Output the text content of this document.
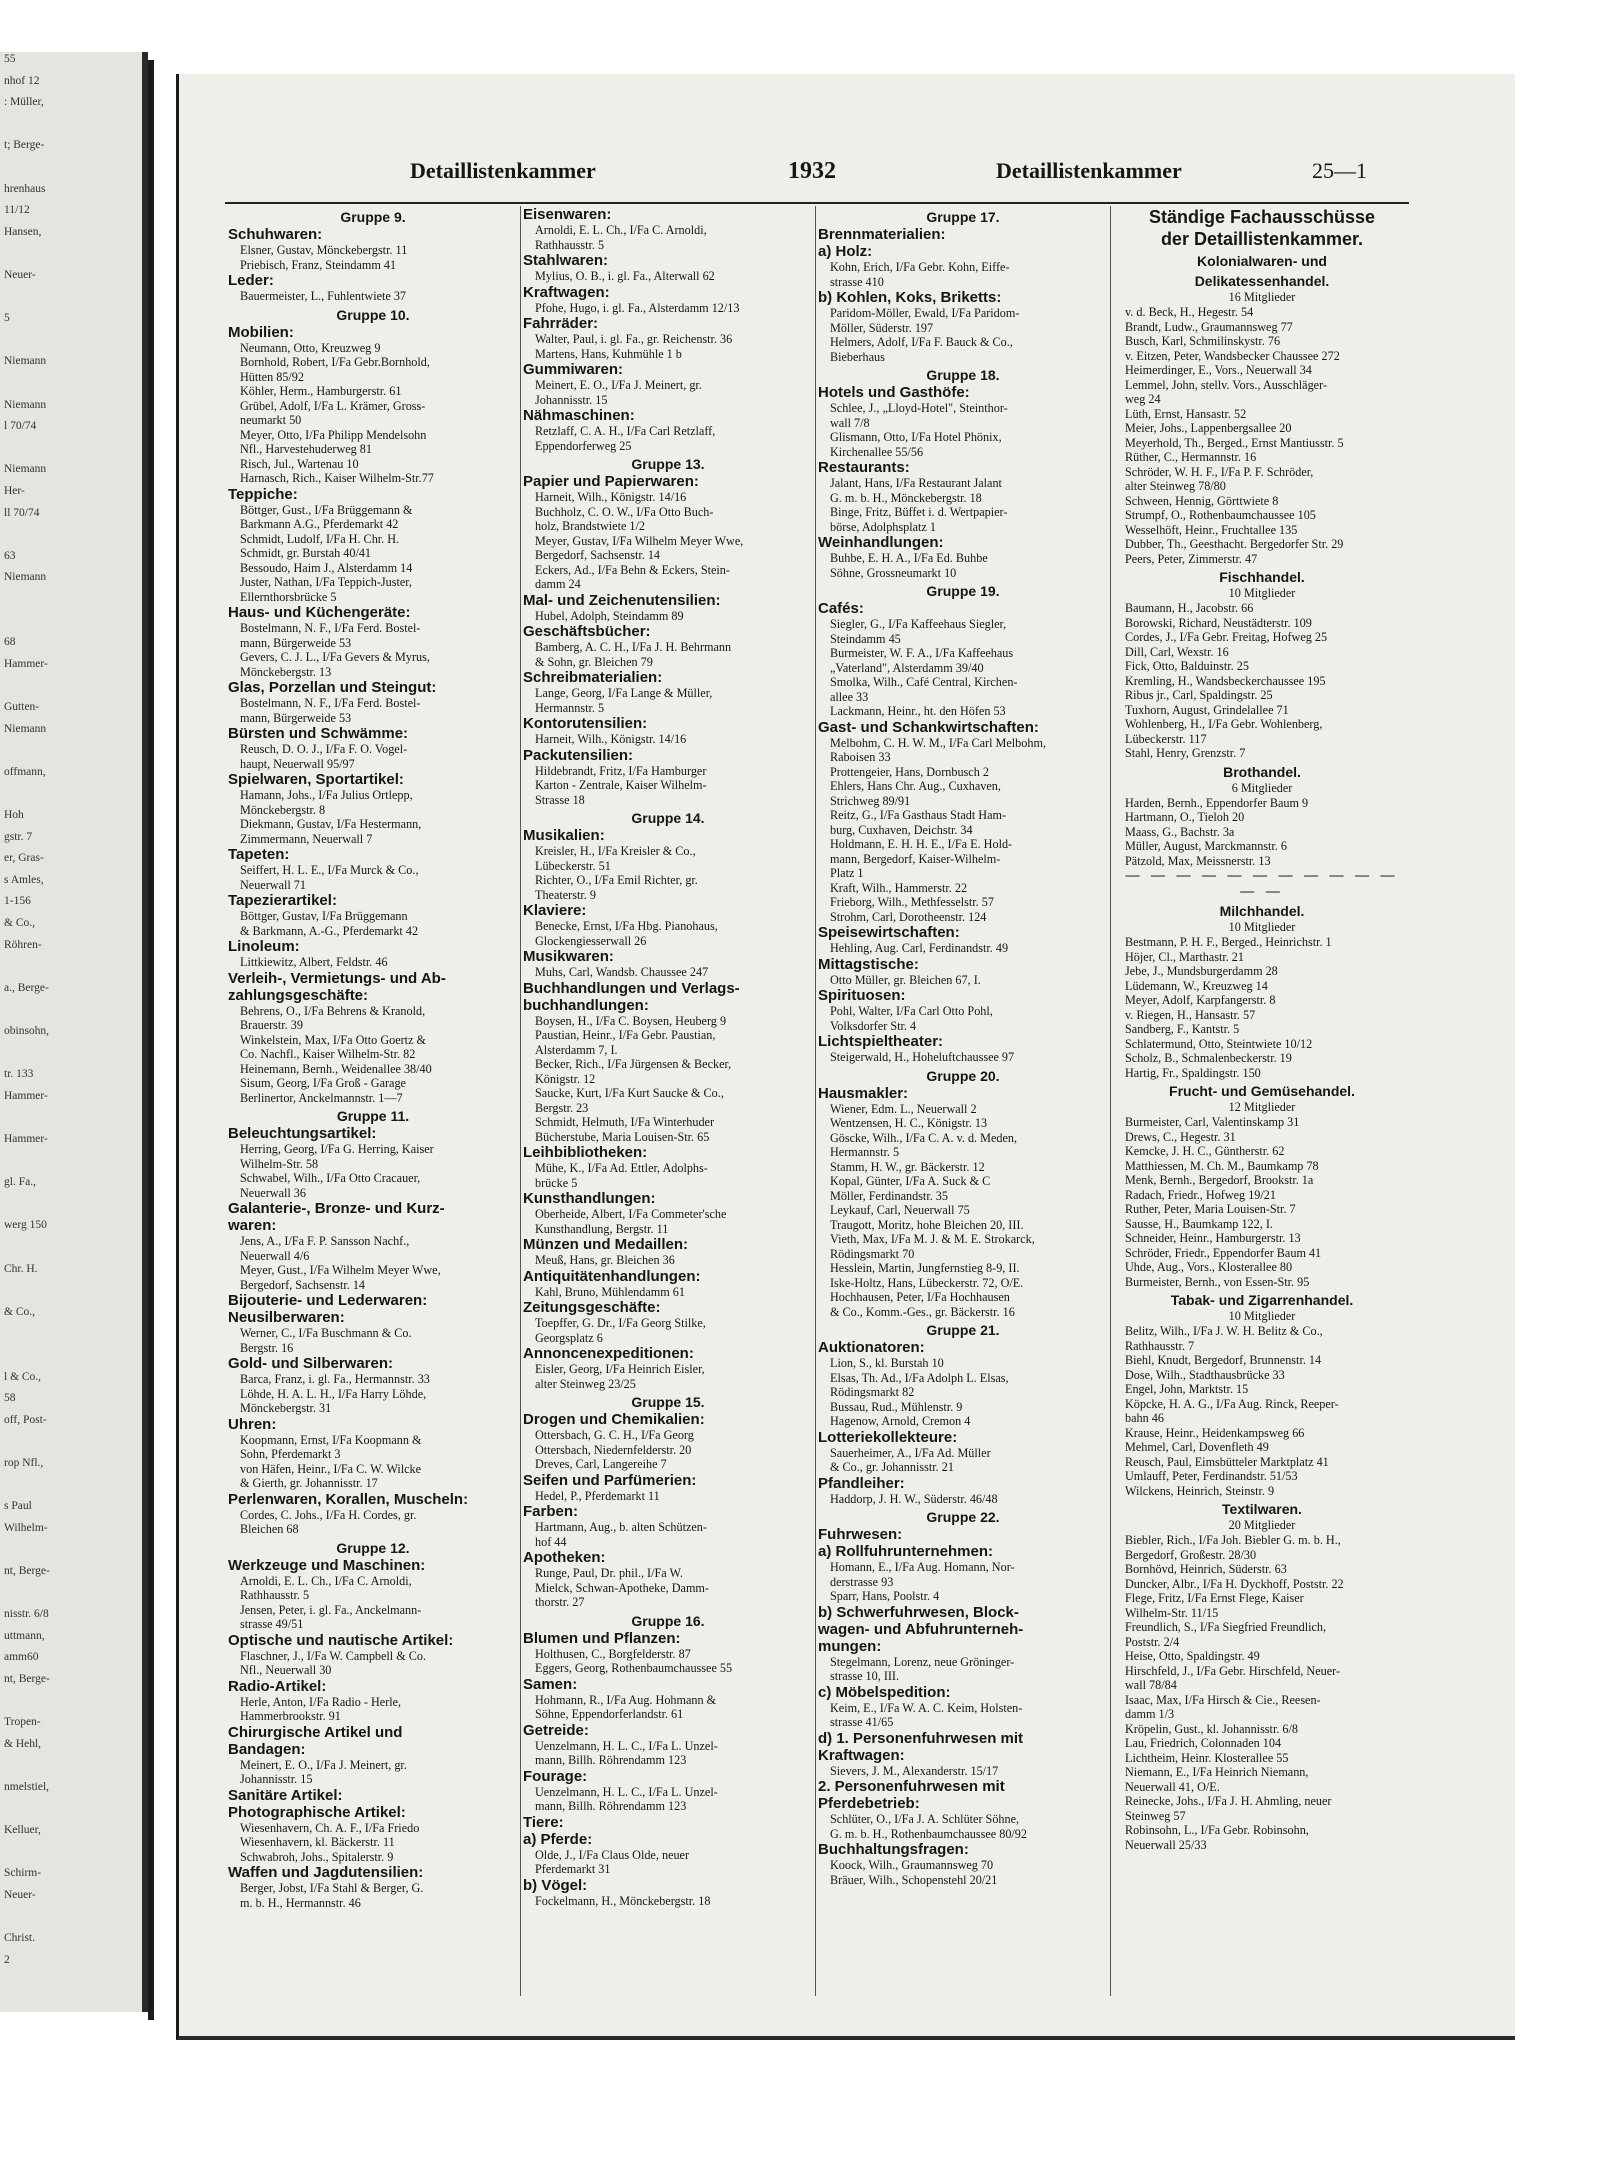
55
nhof 12
: Müller,
t; Berge-
hrenhaus
11/12
Hansen,
Neuer-
5
Niemann
Niemann
l 70/74
Niemann
Her-
ll 70/74
63
Niemann
68
Hammer-
Gutten-
Niemann
offmann,
Hoh
gstr. 7
er, Gras-
s Amles,
1-156
& Co.,
Röhren-
a., Berge-
obinsohn,
tr. 133
Hammer-
Hammer-
gl. Fa.,
werg 150
Chr. H.
& Co.,
l & Co.,
58
off, Post-
rop Nfl.,
s Paul
Wilhelm-
nt, Berge-
nisstr. 6/8
uttmann,
amm60
nt, Berge-
Tropen-
& Hehl,
nmelstiel,
Kelluer,
Schirm-
Neuer-
Christ.
2
Detaillistenkammer	1932	Detaillistenkammer	25—1
Gruppe 9.
Schuhwaren:
Elsner, Gustav, Mönckebergstr. 11
Priebisch, Franz, Steindamm 41
Leder:
Bauermeister, L., Fuhlentwiete 37
Gruppe 10.
Mobilien:
Neumann, Otto, Kreuzweg 9
Bornhold, Robert, I/Fa Gebr.Bornhold,
Hütten 85/92
Köhler, Herm., Hamburgerstr. 61
Grübel, Adolf, I/Fa L. Krämer, Gross-
neumarkt 50
Meyer, Otto, I/Fa Philipp Mendelsohn
Nfl., Harvestehuderweg 81
Risch, Jul., Wartenau 10
Harnasch, Rich., Kaiser Wilhelm-Str.77
Teppiche:
Böttger, Gust., I/Fa Brüggemann &
Barkmann A.G., Pferdemarkt 42
Schmidt, Ludolf, I/Fa H. Chr. H.
Schmidt, gr. Burstah 40/41
Bessoudo, Haim J., Alsterdamm 14
Juster, Nathan, I/Fa Teppich-Juster,
Ellernthorsbrücke 5
Haus- und Küchengeräte:
Bostelmann, N. F., I/Fa Ferd. Bostel-
mann, Bürgerweide 53
Gevers, C. J. L., I/Fa Gevers & Myrus,
Mönckebergstr. 13
Glas, Porzellan und Steingut:
Bostelmann, N. F., I/Fa Ferd. Bostel-
mann, Bürgerweide 53
Bürsten und Schwämme:
Reusch, D. O. J., I/Fa F. O. Vogel-
haupt, Neuerwall 95/97
Spielwaren, Sportartikel:
Hamann, Johs., I/Fa Julius Ortlepp,
Mönckebergstr. 8
Diekmann, Gustav, I/Fa Hestermann,
Zimmermann, Neuerwall 7
Tapeten:
Seiffert, H. L. E., I/Fa Murck & Co.,
Neuerwall 71
Tapezierartikel:
Böttger, Gustav, I/Fa Brüggemann
& Barkmann, A.-G., Pferdemarkt 42
Linoleum:
Littkiewitz, Albert, Feldstr. 46
Verleih-, Vermietungs- und Ab-
zahlungsgeschäfte:
Behrens, O., I/Fa Behrens & Kranold,
Brauerstr. 39
Winkelstein, Max, I/Fa Otto Goertz &
Co. Nachfl., Kaiser Wilhelm-Str. 82
Heinemann, Bernh., Weidenallee 38/40
Sisum, Georg, I/Fa Groß - Garage
Berlinertor, Anckelmannstr. 1—7
Gruppe 11.
Beleuchtungsartikel:
Herring, Georg, I/Fa G. Herring, Kaiser
Wilhelm-Str. 58
Schwabel, Wilh., I/Fa Otto Cracauer,
Neuerwall 36
Galanterie-, Bronze- und Kurz-
waren:
Jens, A., I/Fa F. P. Sansson Nachf.,
Neuerwall 4/6
Meyer, Gust., I/Fa Wilhelm Meyer Wwe,
Bergedorf, Sachsenstr. 14
Bijouterie- und Lederwaren:
Neusilberwaren:
Werner, C., I/Fa Buschmann & Co.
Bergstr. 16
Gold- und Silberwaren:
Barca, Franz, i. gl. Fa., Hermannstr. 33
Löhde, H. A. L. H., I/Fa Harry Löhde,
Mönckebergstr. 31
Uhren:
Koopmann, Ernst, I/Fa Koopmann &
Sohn, Pferdemarkt 3
von Häfen, Heinr., I/Fa C. W. Wilcke
& Gierth, gr. Johannisstr. 17
Perlenwaren, Korallen, Muscheln:
Cordes, C. Johs., I/Fa H. Cordes, gr.
Bleichen 68
Gruppe 12.
Werkzeuge und Maschinen:
Arnoldi, E. L. Ch., I/Fa C. Arnoldi,
Rathhausstr. 5
Jensen, Peter, i. gl. Fa., Anckelmann-
strasse 49/51
Optische und nautische Artikel:
Flaschner, J., I/Fa W. Campbell & Co.
Nfl., Neuerwall 30
Radio-Artikel:
Herle, Anton, I/Fa Radio - Herle,
Hammerbrookstr. 91
Chirurgische Artikel und
Bandagen:
Meinert, E. O., I/Fa J. Meinert, gr.
Johannisstr. 15
Sanitäre Artikel:
Photographische Artikel:
Wiesenhavern, Ch. A. F., I/Fa Friedo
Wiesenhavern, kl. Bäckerstr. 11
Schwabroh, Johs., Spitalerstr. 9
Waffen und Jagdutensilien:
Berger, Jobst, I/Fa Stahl & Berger, G.
m. b. H., Hermannstr. 46
Eisenwaren:
Arnoldi, E. L. Ch., I/Fa C. Arnoldi,
Rathhausstr. 5
Stahlwaren:
Mylius, O. B., i. gl. Fa., Alterwall 62
Kraftwagen:
Pfohe, Hugo, i. gl. Fa., Alsterdamm 12/13
Fahrräder:
Walter, Paul, i. gl. Fa., gr. Reichenstr. 36
Martens, Hans, Kuhmühle 1 b
Gummiwaren:
Meinert, E. O., I/Fa J. Meinert, gr.
Johannisstr. 15
Nähmaschinen:
Retzlaff, C. A. H., I/Fa Carl Retzlaff,
Eppendorferweg 25
Gruppe 13.
Papier und Papierwaren:
Harneit, Wilh., Königstr. 14/16
Buchholz, C. O. W., I/Fa Otto Buch-
holz, Brandstwiete 1/2
Meyer, Gustav, I/Fa Wilhelm Meyer Wwe,
Bergedorf, Sachsenstr. 14
Eckers, Ad., I/Fa Behn & Eckers, Stein-
damm 24
Mal- und Zeichenutensilien:
Hubel, Adolph, Steindamm 89
Geschäftsbücher:
Bamberg, A. C. H., I/Fa J. H. Behrmann
& Sohn, gr. Bleichen 79
Schreibmaterialien:
Lange, Georg, I/Fa Lange & Müller,
Hermannstr. 5
Kontorutensilien:
Harneit, Wilh., Königstr. 14/16
Packutensilien:
Hildebrandt, Fritz, I/Fa Hamburger
Karton - Zentrale, Kaiser Wilhelm-
Strasse 18
Gruppe 14.
Musikalien:
Kreisler, H., I/Fa Kreisler & Co.,
Lübeckerstr. 51
Richter, O., I/Fa Emil Richter, gr.
Theaterstr. 9
Klaviere:
Benecke, Ernst, I/Fa Hbg. Pianohaus,
Glockengiesserwall 26
Musikwaren:
Muhs, Carl, Wandsb. Chaussee 247
Buchhandlungen und Verlags-
buchhandlungen:
Boysen, H., I/Fa C. Boysen, Heuberg 9
Paustian, Heinr., I/Fa Gebr. Paustian,
Alsterdamm 7, I.
Becker, Rich., I/Fa Jürgensen & Becker,
Königstr. 12
Saucke, Kurt, I/Fa Kurt Saucke & Co.,
Bergstr. 23
Schmidt, Helmuth, I/Fa Winterhuder
Bücherstube, Maria Louisen-Str. 65
Leihbibliotheken:
Mühe, K., I/Fa Ad. Ettler, Adolphs-
brücke 5
Kunsthandlungen:
Oberheide, Albert, I/Fa Commeter'sche
Kunsthandlung, Bergstr. 11
Münzen und Medaillen:
Meuß, Hans, gr. Bleichen 36
Antiquitätenhandlungen:
Kahl, Bruno, Mühlendamm 61
Zeitungsgeschäfte:
Toepffer, G. Dr., I/Fa Georg Stilke,
Georgsplatz 6
Annoncenexpeditionen:
Eisler, Georg, I/Fa Heinrich Eisler,
alter Steinweg 23/25
Gruppe 15.
Drogen und Chemikalien:
Ottersbach, G. C. H., I/Fa Georg
Ottersbach, Niedernfelderstr. 20
Dreves, Carl, Langereihe 7
Seifen und Parfümerien:
Hedel, P., Pferdemarkt 11
Farben:
Hartmann, Aug., b. alten Schützen-
hof 44
Apotheken:
Runge, Paul, Dr. phil., I/Fa W.
Mielck, Schwan-Apotheke, Damm-
thorstr. 27
Gruppe 16.
Blumen und Pflanzen:
Holthusen, C., Borgfelderstr. 87
Eggers, Georg, Rothenbaumchaussee 55
Samen:
Hohmann, R., I/Fa Aug. Hohmann &
Söhne, Eppendorferlandstr. 61
Getreide:
Uenzelmann, H. L. C., I/Fa L. Unzel-
mann, Billh. Röhrendamm 123
Fourage:
Uenzelmann, H. L. C., I/Fa L. Unzel-
mann, Billh. Röhrendamm 123
Tiere:
a) Pferde:
Olde, J., I/Fa Claus Olde, neuer
Pferdemarkt 31
b) Vögel:
Fockelmann, H., Mönckebergstr. 18
Gruppe 17.
Brennmaterialien:
a) Holz:
Kohn, Erich, I/Fa Gebr. Kohn, Eiffe-
strasse 410
b) Kohlen, Koks, Briketts:
Paridom-Möller, Ewald, I/Fa Paridom-
Möller, Süderstr. 197
Helmers, Adolf, I/Fa F. Bauck & Co.,
Bieberhaus
Gruppe 18.
Hotels und Gasthöfe:
Schlee, J., „Lloyd-Hotel", Steinthor-
wall 7/8
Glismann, Otto, I/Fa Hotel Phönix,
Kirchenallee 55/56
Restaurants:
Jalant, Hans, I/Fa Restaurant Jalant
G. m. b. H., Mönckebergstr. 18
Binge, Fritz, Büffet i. d. Wertpapier-
börse, Adolphsplatz 1
Weinhandlungen:
Buhbe, E. H. A., I/Fa Ed. Buhbe
Söhne, Grossneumarkt 10
Gruppe 19.
Cafés:
Siegler, G., I/Fa Kaffeehaus Siegler,
Steindamm 45
Burmeister, W. F. A., I/Fa Kaffeehaus
„Vaterland", Alsterdamm 39/40
Smolka, Wilh., Café Central, Kirchen-
allee 33
Lackmann, Heinr., ht. den Höfen 53
Gast- und Schankwirtschaften:
Melbohm, C. H. W. M., I/Fa Carl Melbohm,
Raboisen 33
Prottengeier, Hans, Dornbusch 2
Ehlers, Hans Chr. Aug., Cuxhaven,
Strichweg 89/91
Reitz, G., I/Fa Gasthaus Stadt Ham-
burg, Cuxhaven, Deichstr. 34
Holdmann, E. H. H. E., I/Fa E. Hold-
mann, Bergedorf, Kaiser-Wilhelm-
Platz 1
Kraft, Wilh., Hammerstr. 22
Frieborg, Wilh., Methfesselstr. 57
Strohm, Carl, Dorotheenstr. 124
Speisewirtschaften:
Hehling, Aug. Carl, Ferdinandstr. 49
Mittagstische:
Otto Müller, gr. Bleichen 67, I.
Spirituosen:
Pohl, Walter, I/Fa Carl Otto Pohl,
Volksdorfer Str. 4
Lichtspieltheater:
Steigerwald, H., Hoheluftchaussee 97
Gruppe 20.
Hausmakler:
Wiener, Edm. L., Neuerwall 2
Wentzensen, H. C., Königstr. 13
Göscke, Wilh., I/Fa C. A. v. d. Meden,
Hermannstr. 5
Stamm, H. W., gr. Bäckerstr. 12
Kopal, Günter, I/Fa A. Suck & C
Möller, Ferdinandstr. 35
Leykauf, Carl, Neuerwall 75
Traugott, Moritz, hohe Bleichen 20, III.
Vieth, Max, I/Fa M. J. & M. E. Strokarck,
Rödingsmarkt 70
Hesslein, Martin, Jungfernstieg 8-9, II.
Iske-Holtz, Hans, Lübeckerstr. 72, O/E.
Hochhausen, Peter, I/Fa Hochhausen
& Co., Komm.-Ges., gr. Bäckerstr. 16
Gruppe 21.
Auktionatoren:
Lion, S., kl. Burstah 10
Elsas, Th. Ad., I/Fa Adolph L. Elsas,
Rödingsmarkt 82
Bussau, Rud., Mühlenstr. 9
Hagenow, Arnold, Cremon 4
Lotteriekollekteure:
Sauerheimer, A., I/Fa Ad. Müller
& Co., gr. Johannisstr. 21
Pfandleiher:
Haddorp, J. H. W., Süderstr. 46/48
Gruppe 22.
Fuhrwesen:
a) Rollfuhrunternehmen:
Homann, E., I/Fa Aug. Homann, Nor-
derstrasse 93
Sparr, Hans, Poolstr. 4
b) Schwerfuhrwesen, Block-
wagen- und Abfuhrunterneh-
mungen:
Stegelmann, Lorenz, neue Gröninger-
strasse 10, III.
c) Möbelspedition:
Keim, E., I/Fa W. A. C. Keim, Holsten-
strasse 41/65
d) 1. Personenfuhrwesen mit
Kraftwagen:
Sievers, J. M., Alexanderstr. 15/17
2. Personenfuhrwesen mit
Pferdebetrieb:
Schlüter, O., I/Fa J. A. Schlüter Söhne,
G. m. b. H., Rothenbaumchaussee 80/92
Buchhaltungsfragen:
Koock, Wilh., Graumannsweg 70
Bräuer, Wilh., Schopenstehl 20/21
Ständige Fachausschüsse
der Detaillistenkammer.
Kolonialwaren- und
Delikatessenhandel.
16 Mitglieder
v. d. Beck, H., Hegestr. 54
Brandt, Ludw., Graumannsweg 77
Busch, Karl, Schmilinskystr. 76
v. Eitzen, Peter, Wandsbecker Chaussee 272
Heimerdinger, E., Vors., Neuerwall 34
Lemmel, John, stellv. Vors., Ausschläger-
weg 24
Lüth, Ernst, Hansastr. 52
Meier, Johs., Lappenbergsallee 20
Meyerhold, Th., Berged., Ernst Mantiusstr. 5
Rüther, C., Hermannstr. 16
Schröder, W. H. F., I/Fa P. F. Schröder,
alter Steinweg 78/80
Schween, Hennig, Görttwiete 8
Strumpf, O., Rothenbaumchaussee 105
Wesselhöft, Heinr., Fruchtallee 135
Dubber, Th., Geesthacht. Bergedorfer Str. 29
Peers, Peter, Zimmerstr. 47
Fischhandel.
10 Mitglieder
Baumann, H., Jacobstr. 66
Borowski, Richard, Neustädterstr. 109
Cordes, J., I/Fa Gebr. Freitag, Hofweg 25
Dill, Carl, Wexstr. 16
Fick, Otto, Balduinstr. 25
Kremling, H., Wandsbeckerchaussee 195
Ribus jr., Carl, Spaldingstr. 25
Tuxhorn, August, Grindelallee 71
Wohlenberg, H., I/Fa Gebr. Wohlenberg,
Lübeckerstr. 117
Stahl, Henry, Grenzstr. 7
Brothandel.
6 Mitglieder
Harden, Bernh., Eppendorfer Baum 9
Hartmann, O., Tieloh 20
Maass, G., Bachstr. 3a
Müller, August, Marckmannstr. 6
Pätzold, Max, Meissnerstr. 13
— — — — — — — — — — — — —
Milchhandel.
10 Mitglieder
Bestmann, P. H. F., Berged., Heinrichstr. 1
Höjer, Cl., Marthastr. 21
Jebe, J., Mundsburgerdamm 28
Lüdemann, W., Kreuzweg 14
Meyer, Adolf, Karpfangerstr. 8
v. Riegen, H., Hansastr. 57
Sandberg, F., Kantstr. 5
Schlatermund, Otto, Steintwiete 10/12
Scholz, B., Schmalenbeckerstr. 19
Hartig, Fr., Spaldingstr. 150
Frucht- und Gemüsehandel.
12 Mitglieder
Burmeister, Carl, Valentinskamp 31
Drews, C., Hegestr. 31
Kemcke, J. H. C., Güntherstr. 62
Matthiessen, M. Ch. M., Baumkamp 78
Menk, Bernh., Bergedorf, Brookstr. 1a
Radach, Friedr., Hofweg 19/21
Ruther, Peter, Maria Louisen-Str. 7
Sausse, H., Baumkamp 122, I.
Schneider, Heinr., Hamburgerstr. 13
Schröder, Friedr., Eppendorfer Baum 41
Uhde, Aug., Vors., Klosterallee 80
Burmeister, Bernh., von Essen-Str. 95
Tabak- und Zigarrenhandel.
10 Mitglieder
Belitz, Wilh., I/Fa J. W. H. Belitz & Co.,
Rathhausstr. 7
Biehl, Knudt, Bergedorf, Brunnenstr. 14
Dose, Wilh., Stadthausbrücke 33
Engel, John, Marktstr. 15
Köpcke, H. A. G., I/Fa Aug. Rinck, Reeper-
bahn 46
Krause, Heinr., Heidenkampsweg 66
Mehmel, Carl, Dovenfleth 49
Reusch, Paul, Eimsbütteler Marktplatz 41
Umlauff, Peter, Ferdinandstr. 51/53
Wilckens, Heinrich, Steinstr. 9
Textilwaren.
20 Mitglieder
Biebler, Rich., I/Fa Joh. Biebler G. m. b. H.,
Bergedorf, Großestr. 28/30
Bornhövd, Heinrich, Süderstr. 63
Duncker, Albr., I/Fa H. Dyckhoff, Poststr. 22
Flege, Fritz, I/Fa Ernst Flege, Kaiser
Wilhelm-Str. 11/15
Freundlich, S., I/Fa Siegfried Freundlich,
Poststr. 2/4
Heise, Otto, Spaldingstr. 49
Hirschfeld, J., I/Fa Gebr. Hirschfeld, Neuer-
wall 78/84
Isaac, Max, I/Fa Hirsch & Cie., Reesen-
damm 1/3
Kröpelin, Gust., kl. Johannisstr. 6/8
Lau, Friedrich, Colonnaden 104
Lichtheim, Heinr. Klosterallee 55
Niemann, E., I/Fa Heinrich Niemann,
Neuerwall 41, O/E.
Reinecke, Johs., I/Fa J. H. Ahmling, neuer
Steinweg 57
Robinsohn, L., I/Fa Gebr. Robinsohn,
Neuerwall 25/33
